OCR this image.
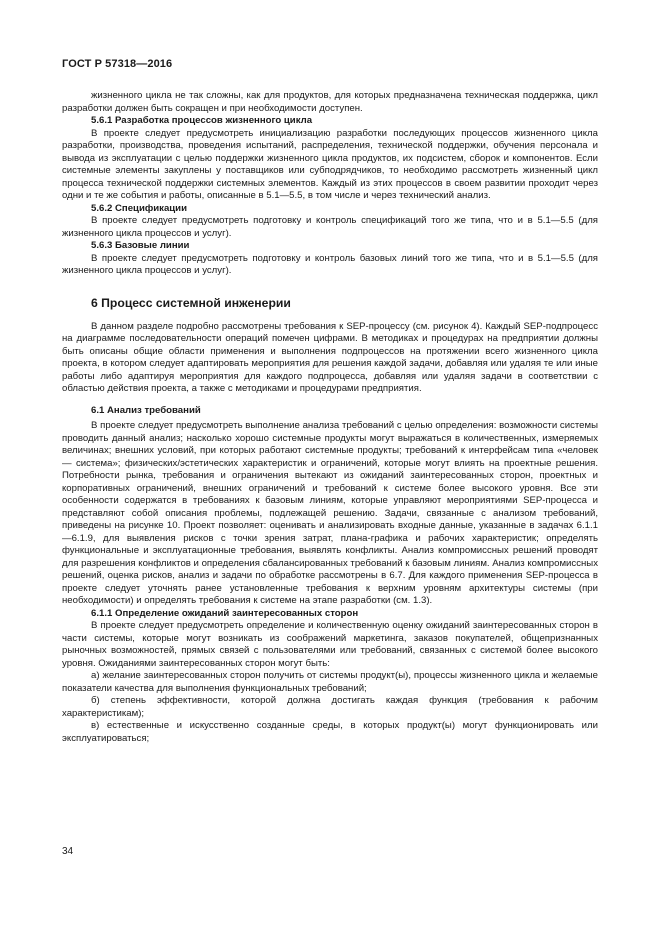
ГОСТ Р 57318—2016

жизненного цикла не так сложны, как для продуктов, для которых предназначена техническая поддержка, цикл разработки должен быть сокращен и при необходимости доступен.

5.6.1 Разработка процессов жизненного цикла

В проекте следует предусмотреть инициализацию разработки последующих процессов жизненного цикла разработки, производства, проведения испытаний, распределения, технической поддержки, обучения персонала и вывода из эксплуатации с целью поддержки жизненного цикла продуктов, их подсистем, сборок и компонентов. Если системные элементы закуплены у поставщиков или субподрядчиков, то необходимо рассмотреть жизненный цикл процесса технической поддержки системных элементов. Каждый из этих процессов в своем развитии проходит через одни и те же события и работы, описанные в 5.1—5.5, в том числе и через технический анализ.

5.6.2 Спецификации

В проекте следует предусмотреть подготовку и контроль спецификаций того же типа, что и в 5.1—5.5 (для жизненного цикла процессов и услуг).

5.6.3 Базовые линии

В проекте следует предусмотреть подготовку и контроль базовых линий того же типа, что и в 5.1—5.5 (для жизненного цикла процессов и услуг).

6 Процесс системной инженерии

В данном разделе подробно рассмотрены требования к SEP-процессу (см. рисунок 4). Каждый SEP-подпроцесс на диаграмме последовательности операций помечен цифрами. В методиках и процедурах на предприятии должны быть описаны общие области применения и выполнения подпроцессов на протяжении всего жизненного цикла проекта, в котором следует адаптировать мероприятия для решения каждой задачи, добавляя или удаляя те или иные работы либо адаптируя мероприятия для каждого подпроцесса, добавляя или удаляя задачи в соответствии с областью действия проекта, а также с методиками и процедурами предприятия.

6.1 Анализ требований

В проекте следует предусмотреть выполнение анализа требований с целью определения: возможности системы проводить данный анализ; насколько хорошо системные продукты могут выражаться в количественных, измеряемых величинах; внешних условий, при которых работают системные продукты; требований к интерфейсам типа «человек — система»; физических/эстетических характеристик и ограничений, которые могут влиять на проектные решения. Потребности рынка, требования и ограничения вытекают из ожиданий заинтересованных сторон, проектных и корпоративных ограничений, внешних ограничений и требований к системе более высокого уровня. Все эти особенности содержатся в требованиях к базовым линиям, которые управляют мероприятиями SEP-процесса и представляют собой описания проблемы, подлежащей решению. Задачи, связанные с анализом требований, приведены на рисунке 10. Проект позволяет: оценивать и анализировать входные данные, указанные в задачах 6.1.1—6.1.9, для выявления рисков с точки зрения затрат, плана-графика и рабочих характеристик; определять функциональные и эксплуатационные требования, выявлять конфликты. Анализ компромиссных решений проводят для разрешения конфликтов и определения сбалансированных требований к базовым линиям. Анализ компромиссных решений, оценка рисков, анализ и задачи по обработке рассмотрены в 6.7. Для каждого применения SEP-процесса в проекте следует уточнять ранее установленные требования к верхним уровням архитектуры системы (при необходимости) и определять требования к системе на этапе разработки (см. 1.3).

6.1.1 Определение ожиданий заинтересованных сторон

В проекте следует предусмотреть определение и количественную оценку ожиданий заинтересованных сторон в части системы, которые могут возникать из соображений маркетинга, заказов покупателей, общепризнанных рыночных возможностей, прямых связей с пользователями или требований, связанных с системой более высокого уровня. Ожиданиями заинтересованных сторон могут быть:

а) желание заинтересованных сторон получить от системы продукт(ы), процессы жизненного цикла и желаемые показатели качества для выполнения функциональных требований;

б) степень эффективности, которой должна достигать каждая функция (требования к рабочим характеристикам);

в) естественные и искусственно созданные среды, в которых продукт(ы) могут функционировать или эксплуатироваться;

34
